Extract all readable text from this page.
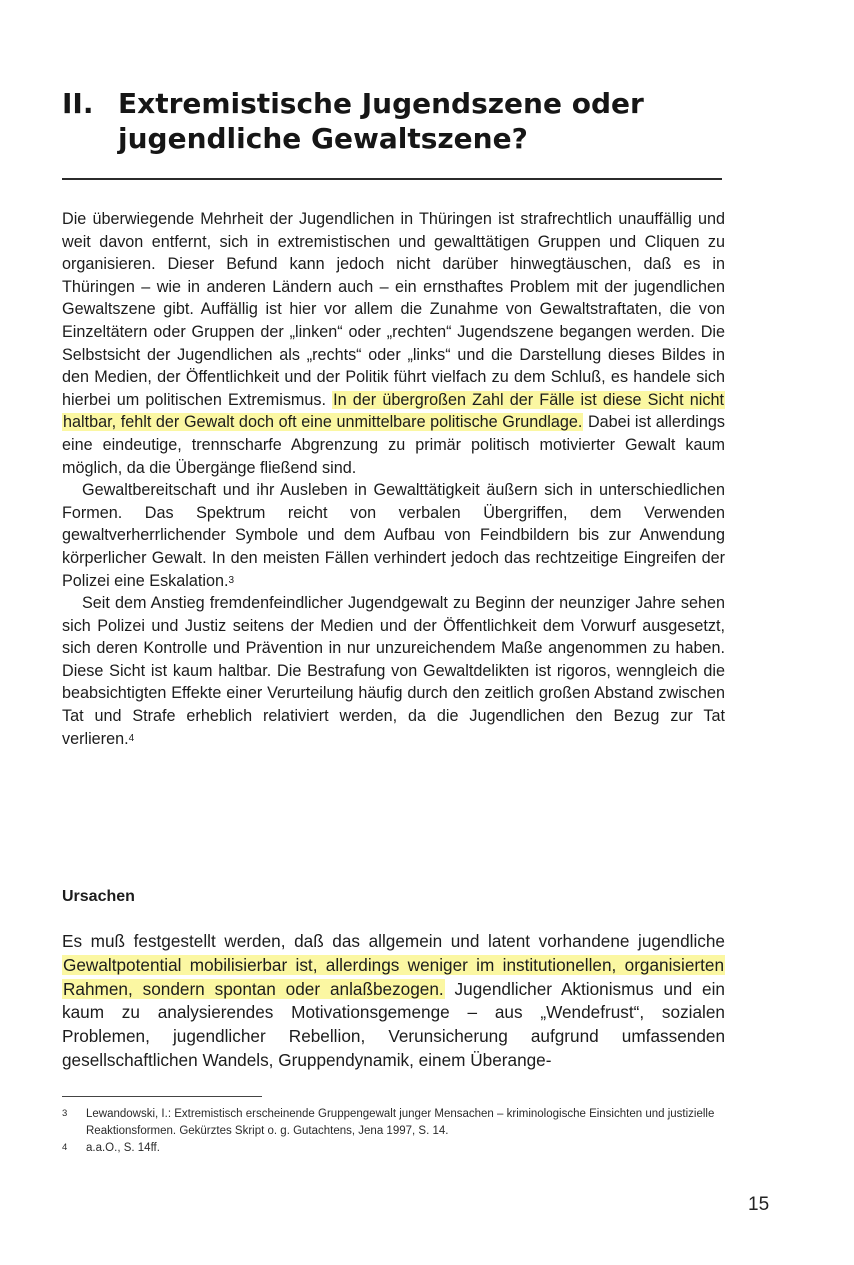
II. Extremistische Jugendszene oder jugendliche Gewaltszene?

Die überwiegende Mehrheit der Jugendlichen in Thüringen ist strafrechtlich unauffällig und weit davon entfernt, sich in extremistischen und gewalttätigen Gruppen und Cliquen zu organisieren. Dieser Befund kann jedoch nicht darüber hinwegtäuschen, daß es in Thüringen – wie in anderen Ländern auch – ein ernsthaftes Problem mit der jugendlichen Gewaltszene gibt. Auffällig ist hier vor allem die Zunahme von Gewaltstraftaten, die von Einzeltätern oder Gruppen der „linken“ oder „rechten“ Jugendszene begangen werden. Die Selbstsicht der Jugendlichen als „rechts“ oder „links“ und die Darstellung dieses Bildes in den Medien, der Öffentlichkeit und der Politik führt vielfach zu dem Schluß, es handele sich hierbei um politischen Extremismus. In der übergroßen Zahl der Fälle ist diese Sicht nicht haltbar, fehlt der Gewalt doch oft eine unmittelbare politische Grundlage. Dabei ist allerdings eine eindeutige, trennscharfe Abgrenzung zu primär politisch motivierter Gewalt kaum möglich, da die Übergänge fließend sind.

Gewaltbereitschaft und ihr Ausleben in Gewalttätigkeit äußern sich in unterschiedlichen Formen. Das Spektrum reicht von verbalen Übergriffen, dem Verwenden gewaltverherrlichender Symbole und dem Aufbau von Feindbildern bis zur Anwendung körperlicher Gewalt. In den meisten Fällen verhindert jedoch das rechtzeitige Eingreifen der Polizei eine Eskalation.$^3$

Seit dem Anstieg fremdenfeindlicher Jugendgewalt zu Beginn der neunziger Jahre sehen sich Polizei und Justiz seitens der Medien und der Öffentlichkeit dem Vorwurf ausgesetzt, sich deren Kontrolle und Prävention in nur unzureichendem Maße angenommen zu haben. Diese Sicht ist kaum haltbar. Die Bestrafung von Gewaltdelikten ist rigoros, wenngleich die beabsichtigten Effekte einer Verurteilung häufig durch den zeitlich großen Abstand zwischen Tat und Strafe erheblich relativiert werden, da die Jugendlichen den Bezug zur Tat verlieren.$^4$

Ursachen

Es muß festgestellt werden, daß das allgemein und latent vorhandene jugendliche Gewaltpotential mobilisierbar ist, allerdings weniger im institutionellen, organisierten Rahmen, sondern spontan oder anlaßbezogen. Jugendlicher Aktionismus und ein kaum zu analysierendes Motivationsgemenge – aus „Wendefrust“, sozialen Problemen, jugendlicher Rebellion, Verunsicherung aufgrund umfassenden gesellschaftlichen Wandels, Gruppendynamik, einem Überange-

3 Lewandowski, I.: Extremistisch erscheinende Gruppengewalt junger Mensachen – kriminologische Einsichten und justizielle Reaktionsformen. Gekürztes Skript o. g. Gutachtens, Jena 1997, S. 14.

4 a.a.O., S. 14ff.

15
